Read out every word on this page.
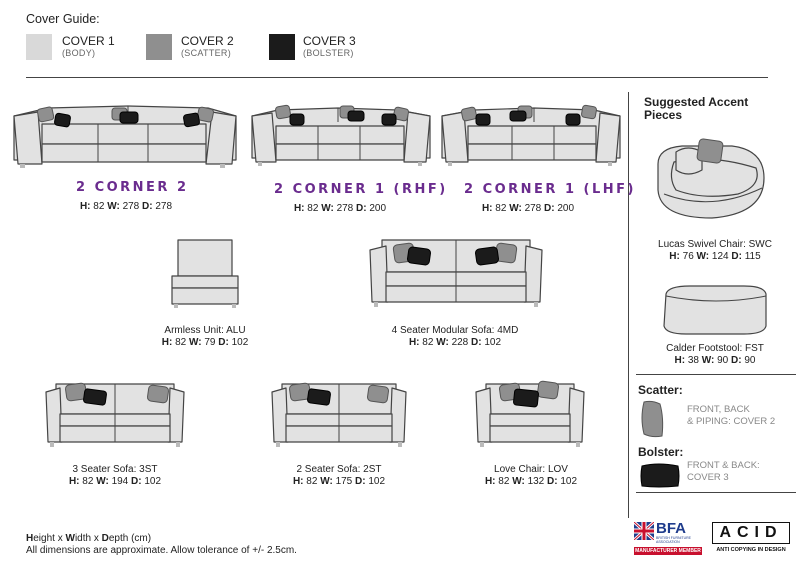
Cover Guide:
COVER 1
(BODY)
COVER 2
(SCATTER)
COVER 3
(BOLSTER)
2 CORNER 2
H: 82 W: 278 D: 278
2 CORNER 1 (RHF)
H: 82 W: 278 D: 200
2 CORNER 1 (LHF)
H: 82 W: 278 D: 200
Armless Unit: ALU
H: 82 W: 79 D: 102
4 Seater Modular Sofa: 4MD
H: 82 W: 228 D: 102
3 Seater Sofa: 3ST
H: 82 W: 194 D: 102
2 Seater Sofa: 2ST
H: 82 W: 175 D: 102
Love Chair: LOV
H: 82 W: 132 D: 102
Suggested Accent
Pieces
Lucas Swivel Chair: SWC
H: 76 W: 124 D: 115
Calder Footstool: FST
H: 38 W: 90 D: 90
Scatter:
FRONT, BACK
& PIPING: COVER 2
Bolster:
FRONT & BACK:
COVER 3
Height x Width x Depth (cm)
All dimensions are approximate. Allow tolerance of +/- 2.5cm.
BFA
BRITISH FURNITURE ASSOCIATION
MANUFACTURER MEMBER
ACID
ANTI COPYING IN DESIGN
